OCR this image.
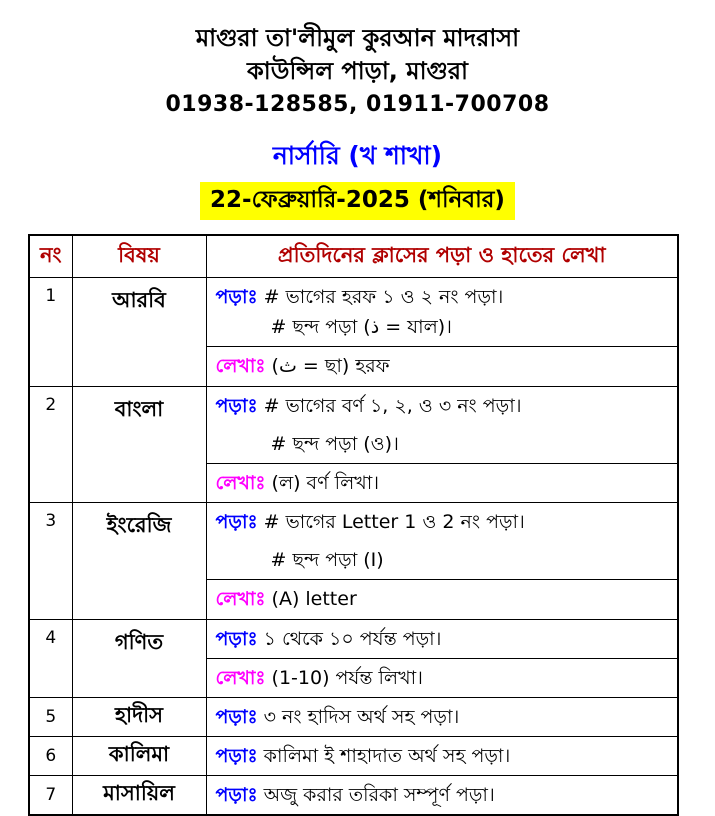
মাগুরা তা'লীমুল কুরআন মাদরাসা
কাউন্সিল পাড়া, মাগুরা
01938-128585, 01911-700708
নার্সারি (খ শাখা)
22-ফেব্রুয়ারি-2025 (শনিবার)
নং	বিষয়	প্রতিদিনের ক্লাসের পড়া ও হাতের লেখা
1	আরবি	পড়াঃ # ভাগের হরফ ১ ও ২ নং পড়া।
# ছন্দ পড়া (ذ = যাল)।

		লেখাঃ (ث = ছা) হরফ
2	বাংলা	পড়াঃ # ভাগের বর্ণ ১, ২, ও ৩ নং পড়া।
# ছন্দ পড়া (ও)।

		লেখাঃ (ল) বর্ণ লিখা।
3	ইংরেজি	পড়াঃ # ভাগের Letter 1 ও 2 নং পড়া।
# ছন্দ পড়া (I)

		লেখাঃ (A) letter
4	গণিত	পড়াঃ ১ থেকে ১০ পর্যন্ত পড়া।

		লেখাঃ (1-10) পর্যন্ত লিখা।
5	হাদীস	পড়াঃ ৩ নং হাদিস অর্থ সহ পড়া।
6	কালিমা	পড়াঃ কালিমা ই শাহাদাত অর্থ সহ পড়া।
7	মাসায়িল	পড়াঃ অজু করার তরিকা সম্পূর্ণ পড়া।
